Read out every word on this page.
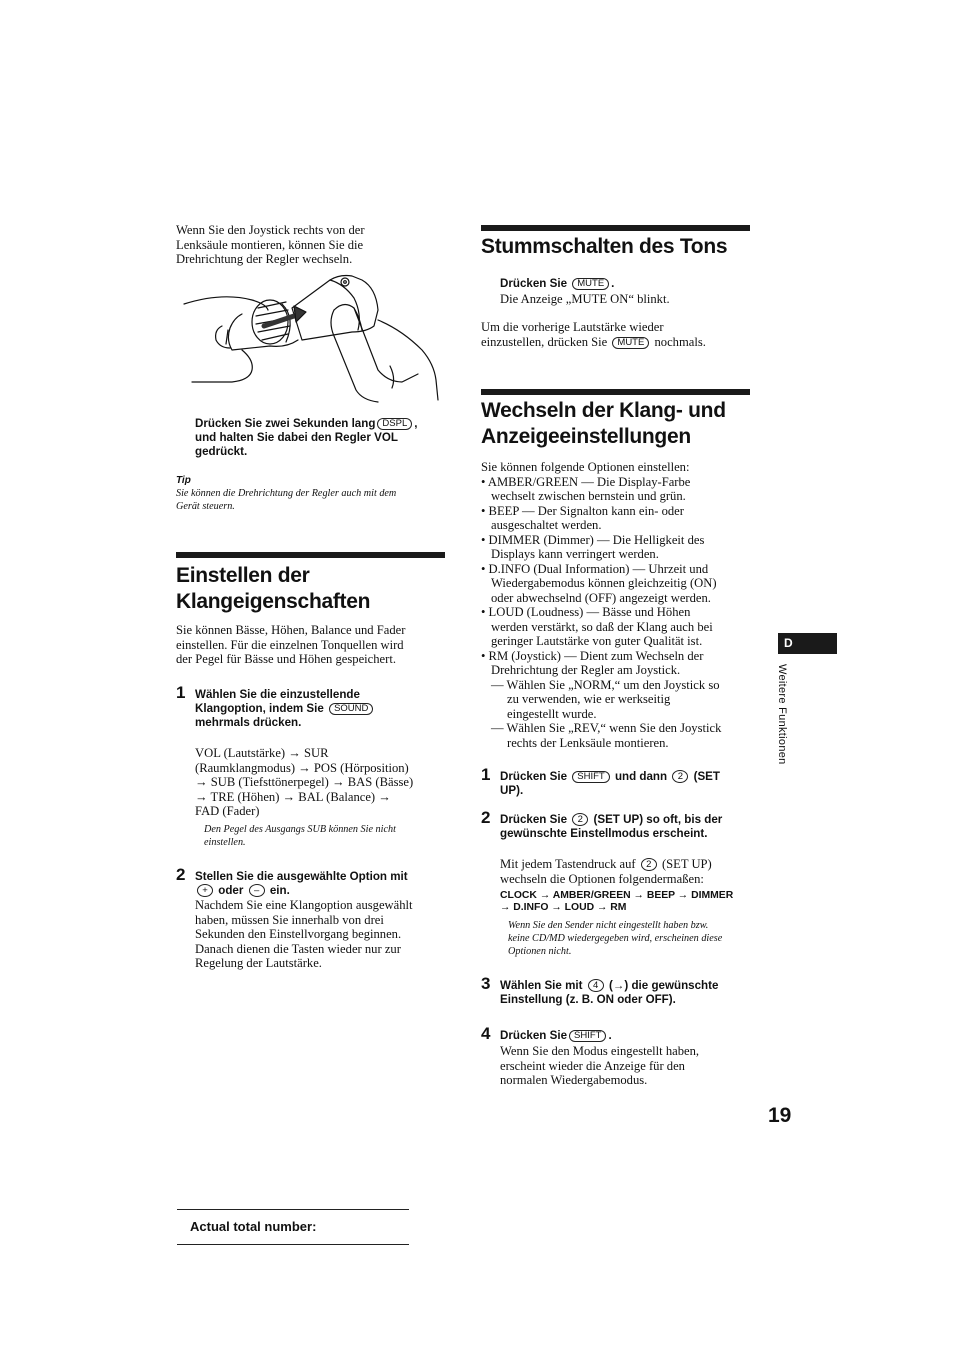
Wenn Sie den Joystick rechts von der
Lenksäule montieren, können Sie die
Drehrichtung der Regler wechseln.
Drücken Sie zwei Sekunden lang DSPL ,
und halten Sie dabei den Regler VOL
gedrückt.
Tip
Sie können die Drehrichtung der Regler auch mit dem
Gerät steuern.
Einstellen der
Klangeigenschaften
Sie können Bässe, Höhen, Balance und Fader
einstellen. Für die einzelnen Tonquellen wird
der Pegel für Bässe und Höhen gespeichert.
1 Wählen Sie die einzustellende
Klangoption, indem Sie SOUND
mehrmals drücken.
VOL (Lautstärke) → SUR
(Raumklangmodus) → POS (Hörposition)
→ SUB (Tiefsttönerpegel) → BAS (Bässe)
→ TRE (Höhen) → BAL (Balance) →
FAD (Fader)
Den Pegel des Ausgangs SUB können Sie nicht
einstellen.
2 Stellen Sie die ausgewählte Option mit
+ oder – ein.
Nachdem Sie eine Klangoption ausgewählt
haben, müssen Sie innerhalb von drei
Sekunden den Einstellvorgang beginnen.
Danach dienen die Tasten wieder nur zur
Regelung der Lautstärke.
Actual total number:
Stummschalten des Tons
Drücken Sie MUTE .
Die Anzeige „MUTE ON“ blinkt.
Um die vorherige Lautstärke wieder
einzustellen, drücken Sie MUTE nochmals.
Wechseln der Klang- und
Anzeigeeinstellungen
Sie können folgende Optionen einstellen:
• AMBER/GREEN — Die Display-Farbe
wechselt zwischen bernstein und grün.
• BEEP — Der Signalton kann ein- oder
ausgeschaltet werden.
• DIMMER (Dimmer) — Die Helligkeit des
Displays kann verringert werden.
• D.INFO (Dual Information) — Uhrzeit und
Wiedergabemodus können gleichzeitig (ON)
oder abwechselnd (OFF) angezeigt werden.
• LOUD (Loudness) — Bässe und Höhen
werden verstärkt, so daß der Klang auch bei
geringer Lautstärke von guter Qualität ist.
• RM (Joystick) — Dient zum Wechseln der
Drehrichtung der Regler am Joystick.
— Wählen Sie „NORM,“ um den Joystick so
zu verwenden, wie er werkseitig
eingestellt wurde.
— Wählen Sie „REV,“ wenn Sie den Joystick
rechts der Lenksäule montieren.
1 Drücken Sie SHIFT und dann 2 (SET
UP).
2 Drücken Sie 2 (SET UP) so oft, bis der
gewünschte Einstellmodus erscheint.
Mit jedem Tastendruck auf 2 (SET UP)
wechseln die Optionen folgendermaßen:
CLOCK → AMBER/GREEN → BEEP → DIMMER
→ D.INFO → LOUD → RM
Wenn Sie den Sender nicht eingestellt haben bzw.
keine CD/MD wiedergegeben wird, erscheinen diese
Optionen nicht.
3 Wählen Sie mit 4 (→) die gewünschte
Einstellung (z. B. ON oder OFF).
4 Drücken Sie SHIFT .
Wenn Sie den Modus eingestellt haben,
erscheint wieder die Anzeige für den
normalen Wiedergabemodus.
D
Weitere Funktionen
19
